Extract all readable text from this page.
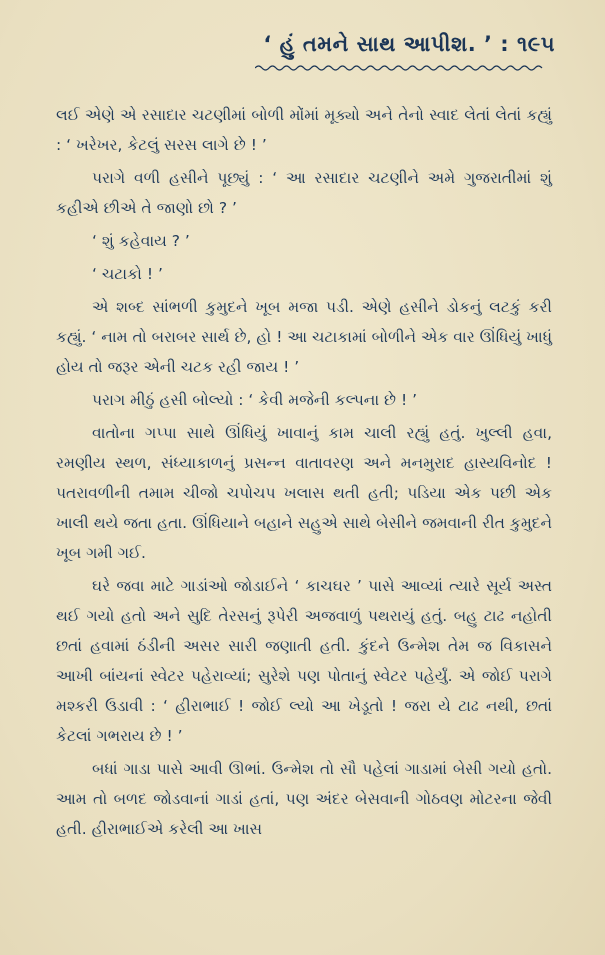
‘ હું તમને સાથ આપીશ. ’ : ૧૯૫

લઈ એણે એ રસાદાર ચટણીમાં બોળી મોંમાં મૂક્યો અને તેનો સ્વાદ લેતાં લેતાં કહ્યું : ‘ ખરેખર, કેટલું સરસ લાગે છે ! ’

પરાગે વળી હસીને પૂછ્યું : ‘ આ રસાદાર ચટણીને અમે ગુજરાતીમાં શું કહીએ છીએ તે જાણો છો ? ’

‘ શું કહેવાય ? ’

‘ ચટાકો ! ’

એ શબ્દ સાંભળી કુમુદને ખૂબ મજા પડી. એણે હસીને ડોકનું લટકું કરી કહ્યું. ‘ નામ તો બરાબર સાર્થ છે, હો ! આ ચટાકામાં બોળીને એક વાર ઊંધિયું ખાધું હોય તો જરૂર એની ચટક રહી જાય ! ’

પરાગ મીઠું હસી બોલ્યો : ‘ કેવી મજેની કલ્પના છે ! ’

વાતોના ગપ્પા સાથે ઊંધિયું ખાવાનું કામ ચાલી રહ્યું હતું. ખુલ્લી હવા, રમણીય સ્થળ, સંધ્યાકાળનું પ્રસન્ન વાતાવરણ અને મનમુરાદ હાસ્યવિનોદ ! પતરાવળીની તમામ ચીજો ચપોચપ ખલાસ થતી હતી; પડિયા એક પછી એક ખાલી થયે જતા હતા. ઊંધિયાને બહાને સહુએ સાથે બેસીને જમવાની રીત કુમુદને ખૂબ ગમી ગઈ.

ઘરે જવા માટે ગાડાંઓ જોડાઈને ‘ કાચઘર ’ પાસે આવ્યાં ત્યારે સૂર્ય અસ્ત થઈ ગયો હતો અને સુદિ તેરસનું રૂપેરી અજવાળું પથરાયું હતું. બહુ ટાઢ નહોતી છતાં હવામાં ઠંડીની અસર સારી જણાતી હતી. કુંદને ઉન્મેશ તેમ જ વિકાસને આખી બાંયનાં સ્વેટર પહેરાવ્યાં; સુરેશે પણ પોતાનું સ્વેટર પહેર્યું. એ જોઈ પરાગે મશ્કરી ઉડાવી : ‘ હીરાભાઈ ! જોઈ લ્યો આ ખેડૂતો ! જરા યે ટાઢ નથી, છતાં કેટલાં ગભરાય છે ! ’

બધાં ગાડા પાસે આવી ઊભાં. ઉન્મેશ તો સૌ પહેલાં ગાડામાં બેસી ગયો હતો. આમ તો બળદ જોડવાનાં ગાડાં હતાં, પણ અંદર બેસવાની ગોઠવણ મોટરના જેવી હતી. હીરાભાઈએ કરેલી આ ખાસ
